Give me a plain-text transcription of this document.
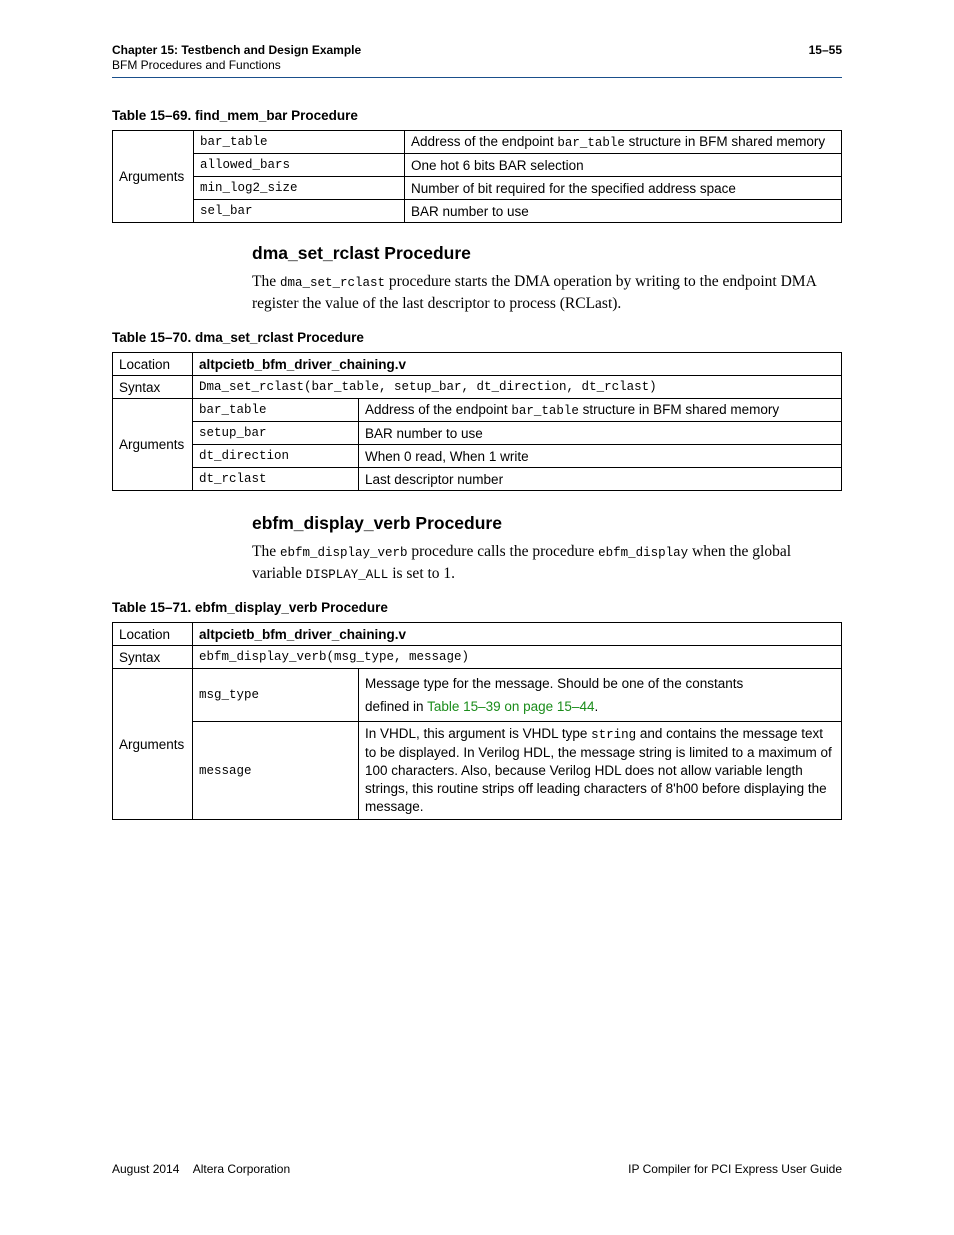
Chapter 15: Testbench and Design Example
BFM Procedures and Functions
15–55
Table 15–69. find_mem_bar Procedure
Arguments	bar_table	Address of the endpoint bar_table structure in BFM shared memory
	allowed_bars	One hot 6 bits BAR selection
	min_log2_size	Number of bit required for the specified address space
	sel_bar	BAR number to use
dma_set_rclast Procedure
The dma_set_rclast procedure starts the DMA operation by writing to the endpoint DMA register the value of the last descriptor to process (RCLast).
Table 15–70. dma_set_rclast Procedure
Location	altpcietb_bfm_driver_chaining.v	
Syntax	Dma_set_rclast(bar_table, setup_bar, dt_direction, dt_rclast)	
Arguments	bar_table	Address of the endpoint bar_table structure in BFM shared memory
	setup_bar	BAR number to use
	dt_direction	When 0 read, When 1 write
	dt_rclast	Last descriptor number
ebfm_display_verb Procedure
The ebfm_display_verb procedure calls the procedure ebfm_display when the global variable DISPLAY_ALL is set to 1.
Table 15–71. ebfm_display_verb Procedure
Location	altpcietb_bfm_driver_chaining.v	
Syntax	ebfm_display_verb(msg_type, message)	
Arguments	msg_type	Message type for the message. Should be one of the constants
defined in Table 15–39 on page 15–44.

	message	In VHDL, this argument is VHDL type string and contains the message text to be displayed. In Verilog HDL, the message string is limited to a maximum of 100 characters. Also, because Verilog HDL does not allow variable length strings, this routine strips off leading characters of 8'h00 before displaying the message.
August 2014 Altera Corporation	IP Compiler for PCI Express User Guide
